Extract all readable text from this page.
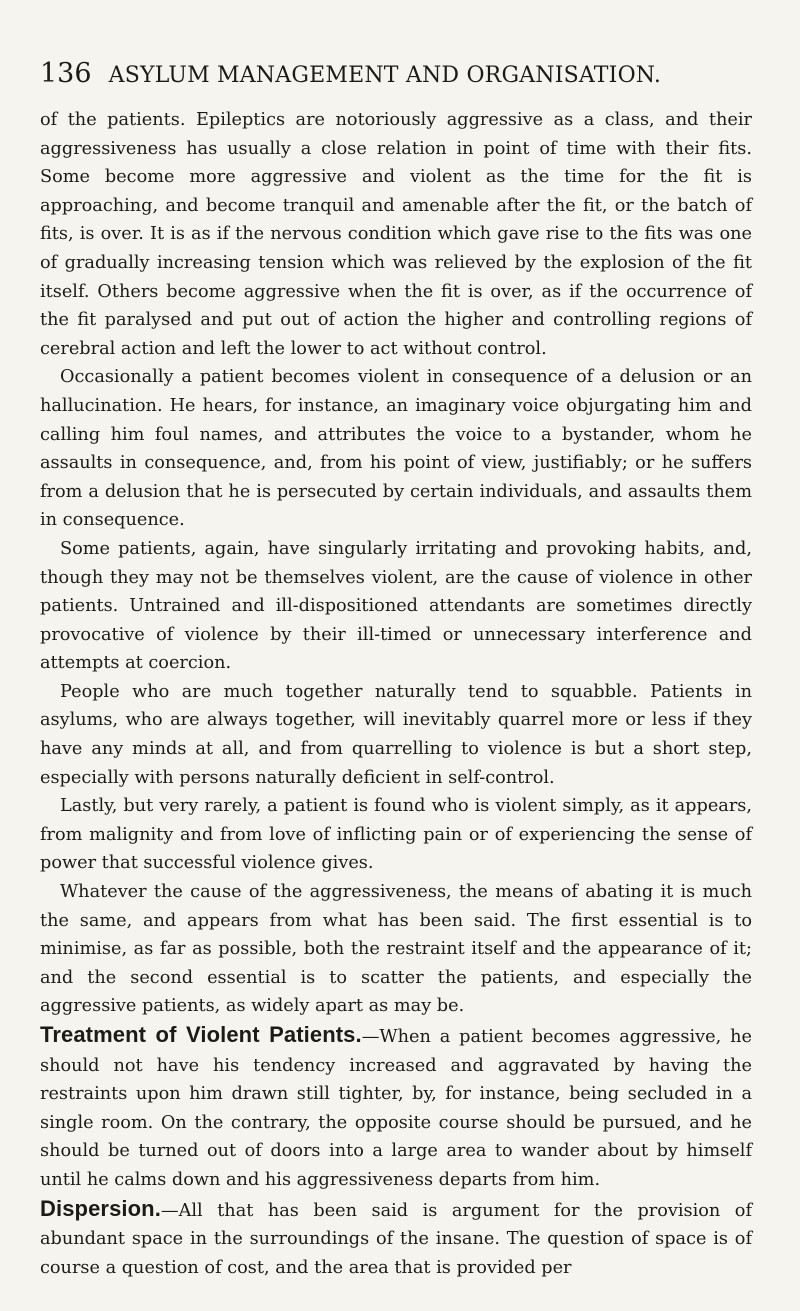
136 ASYLUM MANAGEMENT AND ORGANISATION.

of the patients. Epileptics are notoriously aggressive as a class, and their aggressiveness has usually a close relation in point of time with their fits. Some become more aggressive and violent as the time for the fit is approaching, and become tranquil and amenable after the fit, or the batch of fits, is over. It is as if the nervous condition which gave rise to the fits was one of gradually increasing tension which was relieved by the explosion of the fit itself. Others become aggressive when the fit is over, as if the occurrence of the fit paralysed and put out of action the higher and controlling regions of cerebral action and left the lower to act without control.

Occasionally a patient becomes violent in consequence of a delusion or an hallucination. He hears, for instance, an imaginary voice objurgating him and calling him foul names, and attributes the voice to a bystander, whom he assaults in consequence, and, from his point of view, justifiably; or he suffers from a delusion that he is persecuted by certain individuals, and assaults them in consequence.

Some patients, again, have singularly irritating and provoking habits, and, though they may not be themselves violent, are the cause of violence in other patients. Untrained and ill-dispositioned attendants are sometimes directly provocative of violence by their ill-timed or unnecessary interference and attempts at coercion.

People who are much together naturally tend to squabble. Patients in asylums, who are always together, will inevitably quarrel more or less if they have any minds at all, and from quarrelling to violence is but a short step, especially with persons naturally deficient in self-control.

Lastly, but very rarely, a patient is found who is violent simply, as it appears, from malignity and from love of inflicting pain or of experiencing the sense of power that successful violence gives.

Whatever the cause of the aggressiveness, the means of abating it is much the same, and appears from what has been said. The first essential is to minimise, as far as possible, both the restraint itself and the appearance of it; and the second essential is to scatter the patients, and especially the aggressive patients, as widely apart as may be.

Treatment of Violent Patients.—When a patient becomes aggressive, he should not have his tendency increased and aggravated by having the restraints upon him drawn still tighter, by, for instance, being secluded in a single room. On the contrary, the opposite course should be pursued, and he should be turned out of doors into a large area to wander about by himself until he calms down and his aggressiveness departs from him.

Dispersion.—All that has been said is argument for the provision of abundant space in the surroundings of the insane. The question of space is of course a question of cost, and the area that is provided per
